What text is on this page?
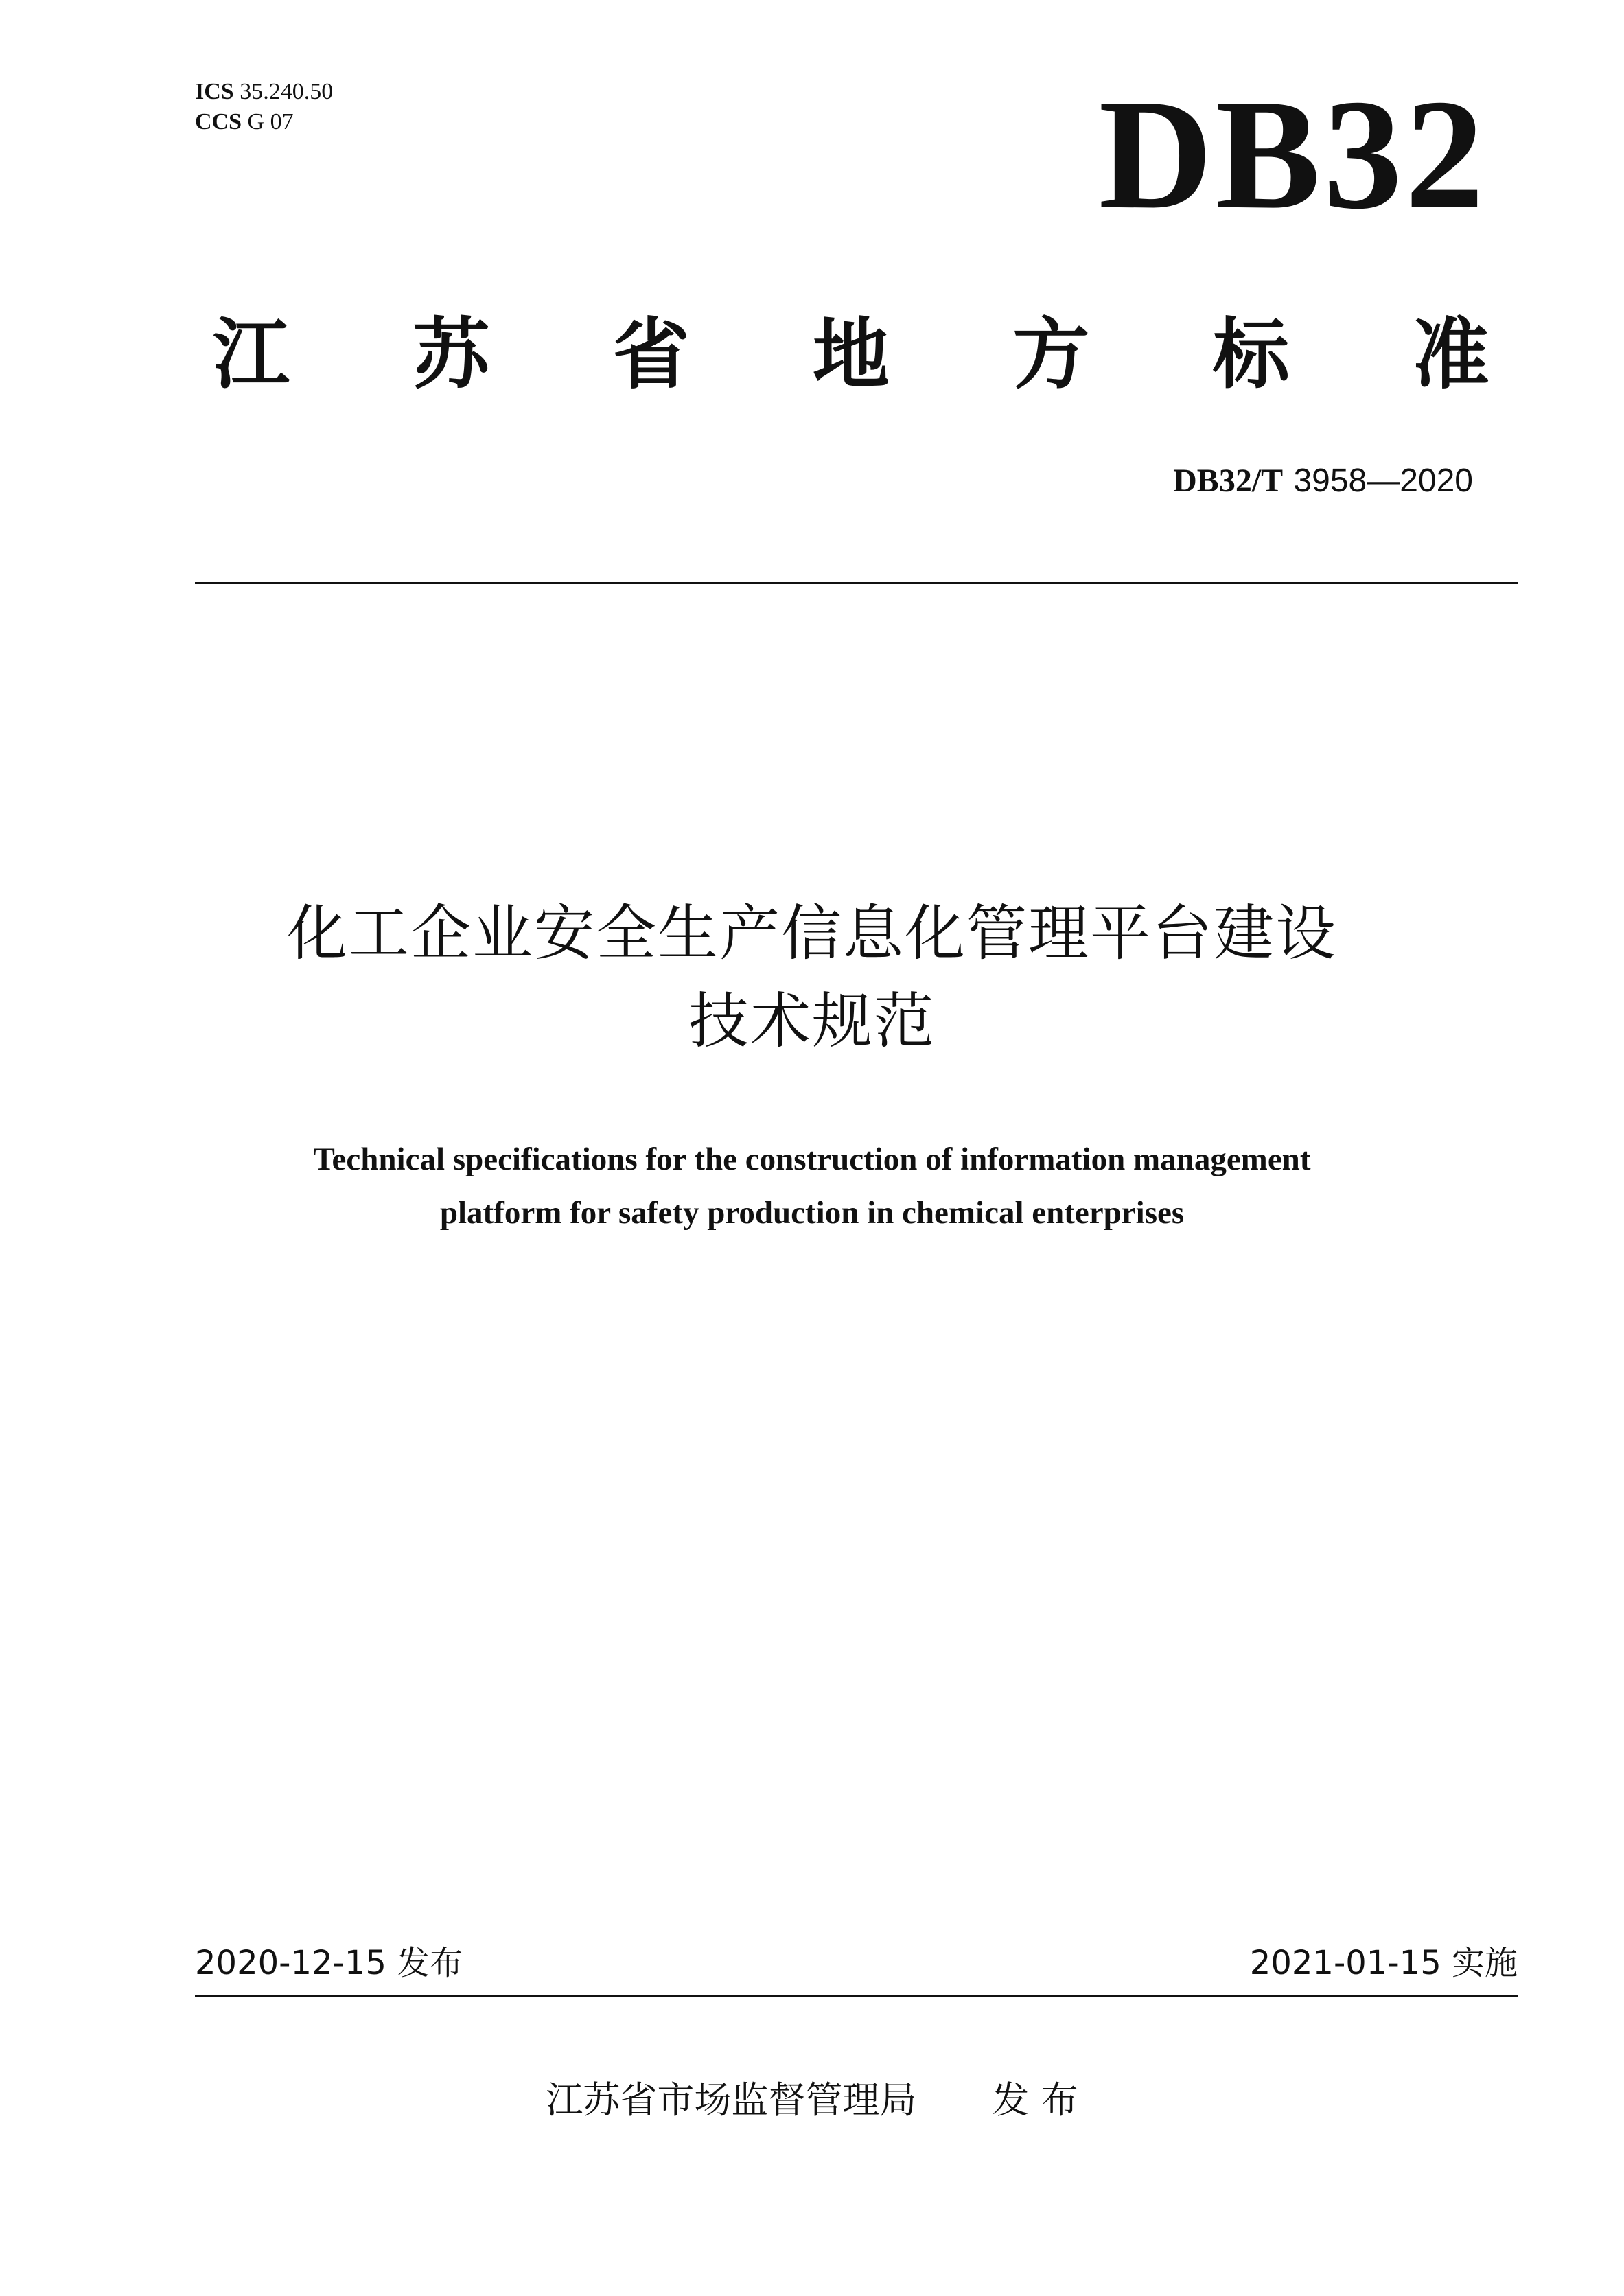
ICS 35.240.50
CCS G 07	DB32
江 苏 省 地 方 标 准
DB32/T 3958—2020
化工企业安全生产信息化管理平台建设
技术规范
Technical specifications for the construction of information management
platform for safety production in chemical enterprises
2020-12-15 发布	2021-01-15 实施
江苏省市场监督管理局 发 布
